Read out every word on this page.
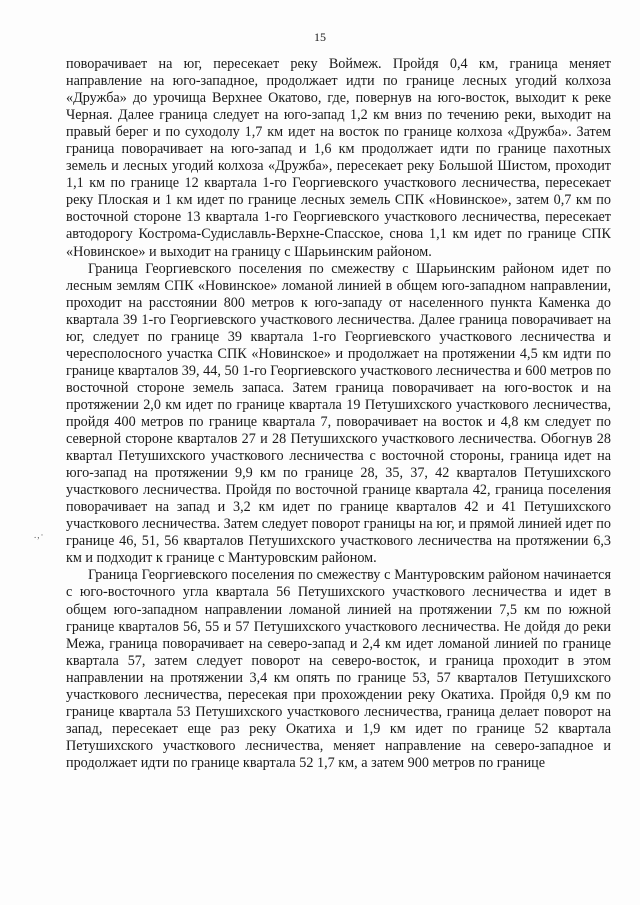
15
.,·

поворачивает на юг, пересекает реку Воймеж. Пройдя 0,4 км, граница меняет направление на юго-западное, продолжает идти по границе лесных угодий колхоза «Дружба» до урочища Верхнее Окатово, где, повернув на юго-восток, выходит к реке Черная. Далее граница следует на юго-запад 1,2 км вниз по течению реки, выходит на правый берег и по суходолу 1,7 км идет на восток по границе колхоза «Дружба». Затем граница поворачивает на юго-запад и 1,6 км продолжает идти по границе пахотных земель и лесных угодий колхоза «Дружба», пересекает реку Большой Шистом, проходит 1,1 км по границе 12 квартала 1-го Георгиевского участкового лесничества, пересекает реку Плоская и 1 км идет по границе лесных земель СПК «Новинское», затем 0,7 км по восточной стороне 13 квартала 1-го Георгиевского участкового лесничества, пересекает автодорогу Кострома-Судиславль-Верхне-Спасское, снова 1,1 км идет по границе СПК «Новинское» и выходит на границу с Шарьинским районом.

Граница Георгиевского поселения по смежеству с Шарьинским районом идет по лесным землям СПК «Новинское» ломаной линией в общем юго-западном направлении, проходит на расстоянии 800 метров к юго-западу от населенного пункта Каменка до квартала 39 1-го Георгиевского участкового лесничества. Далее граница поворачивает на юг, следует по границе 39 квартала 1-го Георгиевского участкового лесничества и чересполосного участка СПК «Новинское» и продолжает на протяжении 4,5 км идти по границе кварталов 39, 44, 50 1-го Георгиевского участкового лесничества и 600 метров по восточной стороне земель запаса. Затем граница поворачивает на юго-восток и на протяжении 2,0 км идет по границе квартала 19 Петушихского участкового лесничества, пройдя 400 метров по границе квартала 7, поворачивает на восток и 4,8 км следует по северной стороне кварталов 27 и 28 Петушихского участкового лесничества. Обогнув 28 квартал Петушихского участкового лесничества с восточной стороны, граница идет на юго-запад на протяжении 9,9 км по границе 28, 35, 37, 42 кварталов Петушихского участкового лесничества. Пройдя по восточной границе квартала 42, граница поселения поворачивает на запад и 3,2 км идет по границе кварталов 42 и 41 Петушихского участкового лесничества. Затем следует поворот границы на юг, и прямой линией идет по границе 46, 51, 56 кварталов Петушихского участкового лесничества на протяжении 6,3 км и подходит к границе с Мантуровским районом.

Граница Георгиевского поселения по смежеству с Мантуровским районом начинается с юго-восточного угла квартала 56 Петушихского участкового лесничества и идет в общем юго-западном направлении ломаной линией на протяжении 7,5 км по южной границе кварталов 56, 55 и 57 Петушихского участкового лесничества. Не дойдя до реки Межа, граница поворачивает на северо-запад и 2,4 км идет ломаной линией по границе квартала 57, затем следует поворот на северо-восток, и граница проходит в этом направлении на протяжении 3,4 км опять по границе 53, 57 кварталов Петушихского участкового лесничества, пересекая при прохождении реку Окатиха. Пройдя 0,9 км по границе квартала 53 Петушихского участкового лесничества, граница делает поворот на запад, пересекает еще раз реку Окатиха и 1,9 км идет по границе 52 квартала Петушихского участкового лесничества, меняет направление на северо-западное и продолжает идти по границе квартала 52 1,7 км, а затем 900 метров по границе
